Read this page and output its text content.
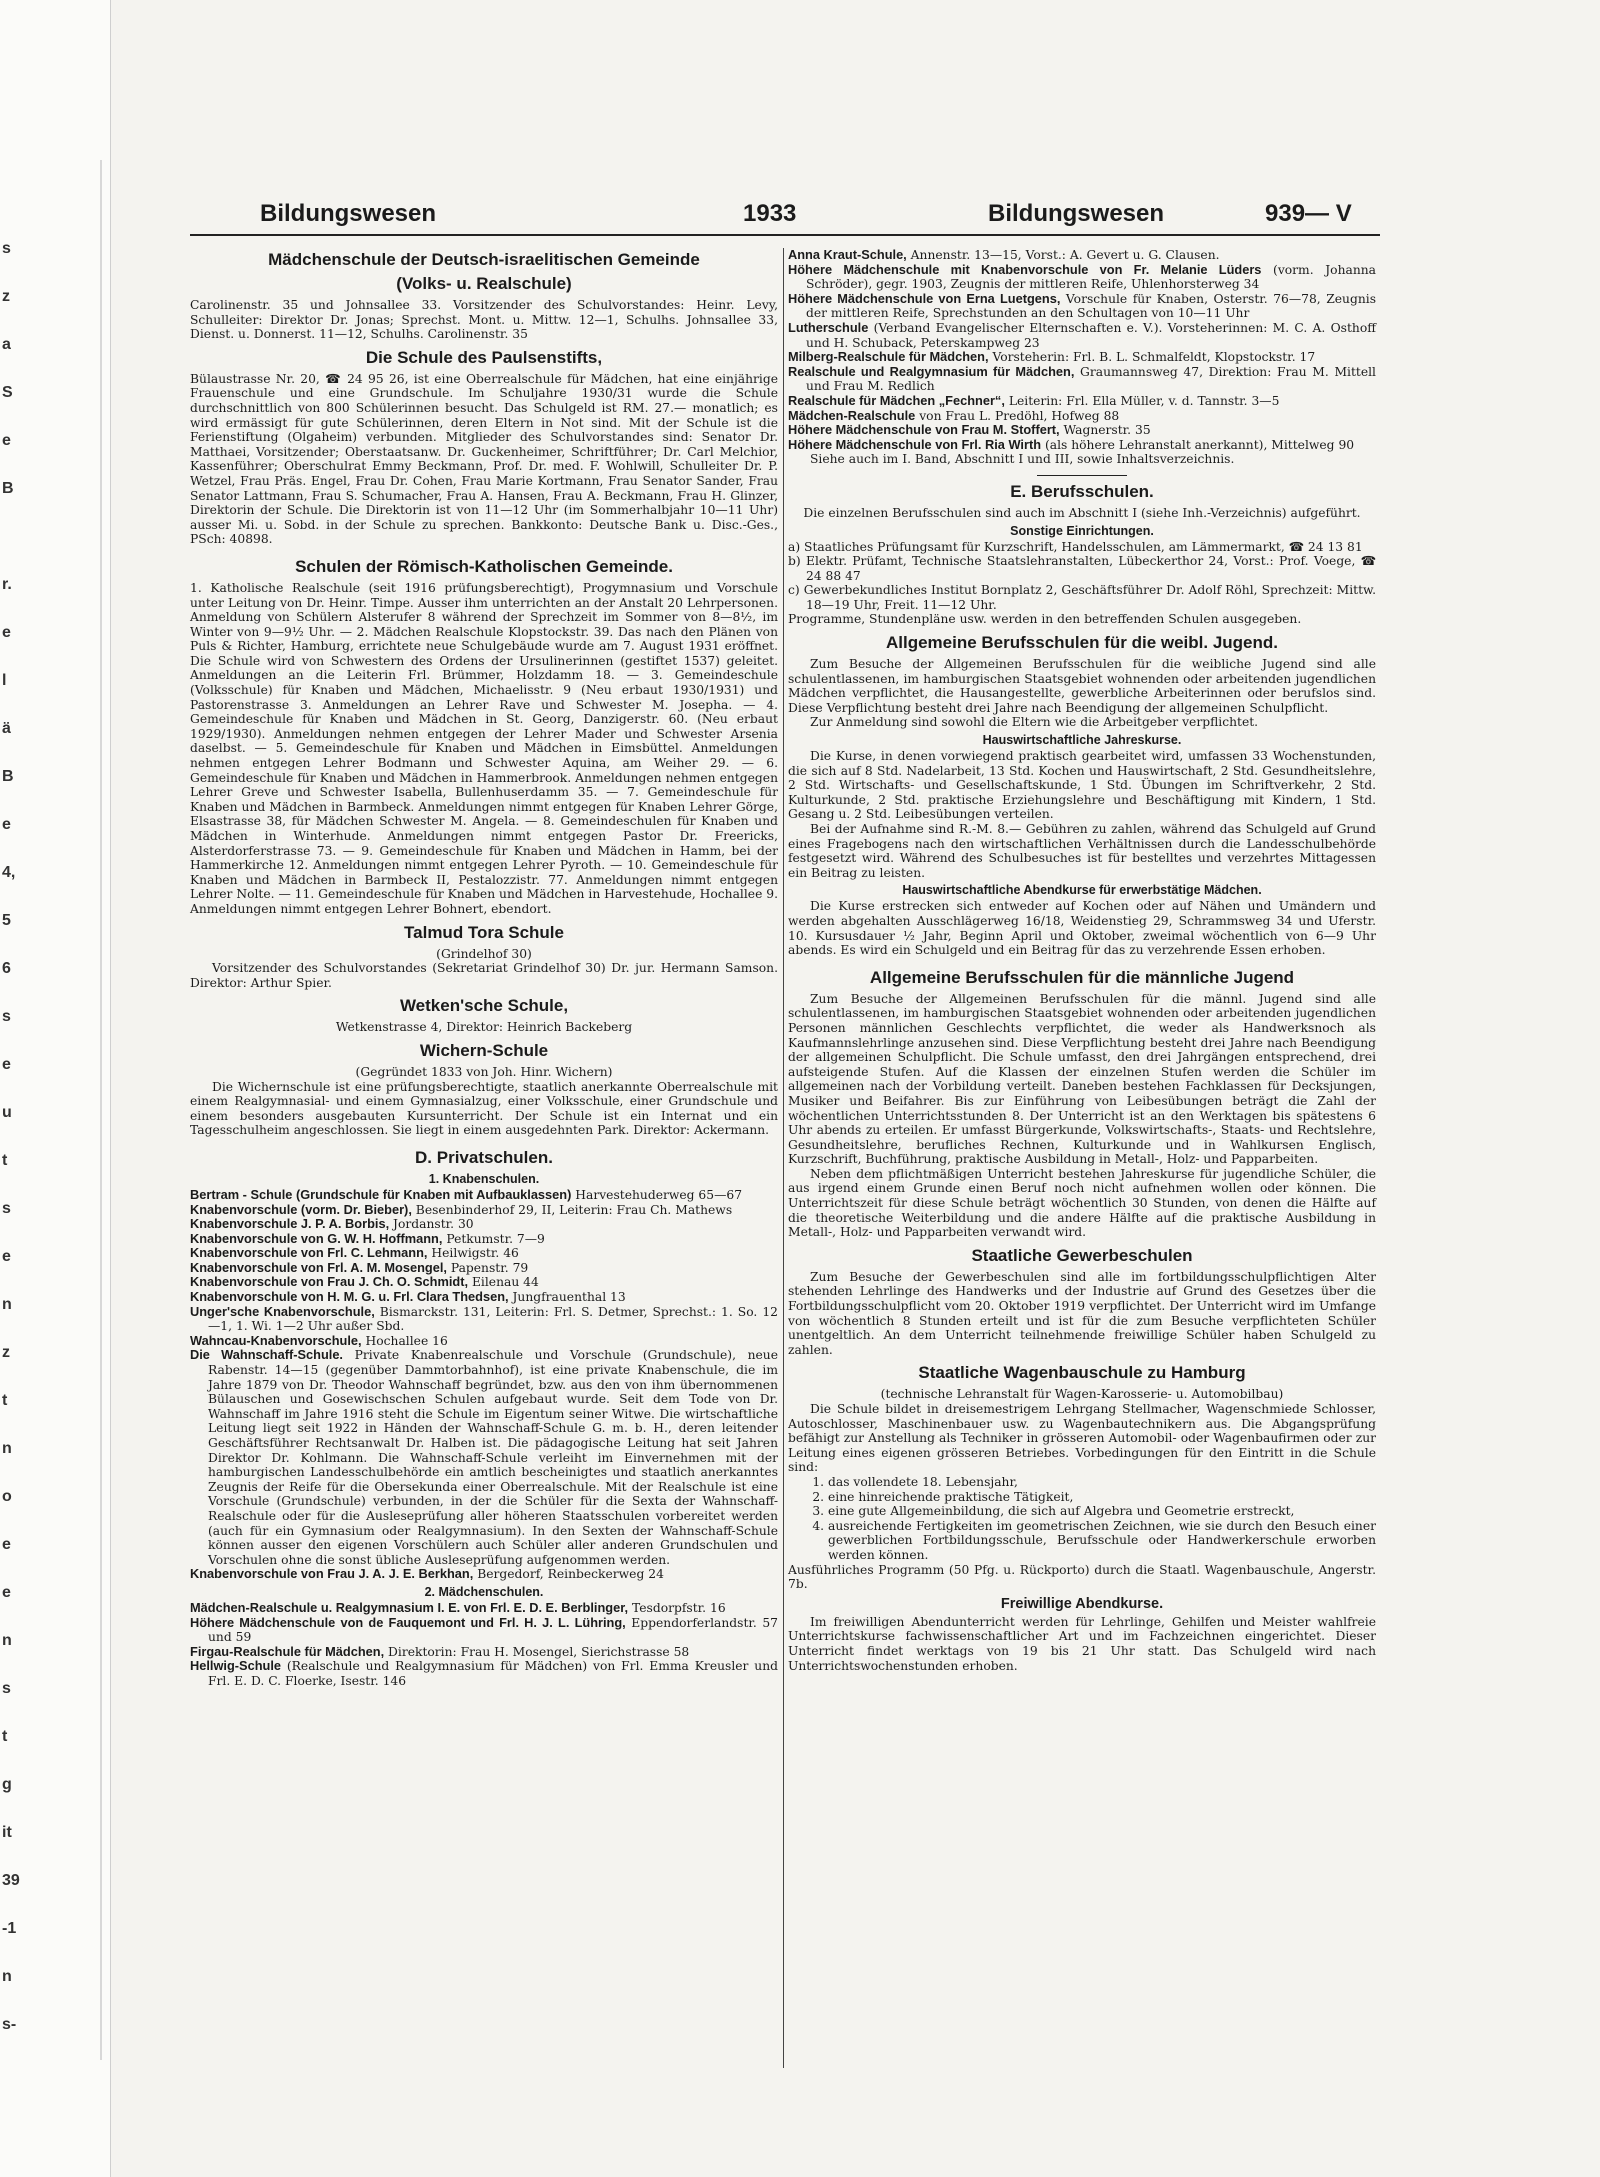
s
z
a
S
e
B
r.
e
l
ä
B
e
4,
5
6
s
e
u
t
s
e
n
z
t
n
o
e
e
n
s
t
g
it
39
-1
n
s-
Bildungswesen	1933	Bildungswesen	939— V
Mädchenschule der Deutsch-israelitischen Gemeinde
(Volks- u. Realschule)

Carolinenstr. 35 und Johnsallee 33. Vorsitzender des Schulvorstandes: Heinr. Levy, Schulleiter: Direktor Dr. Jonas; Sprechst. Mont. u. Mittw. 12—1, Schulhs. Johnsallee 33, Dienst. u. Donnerst. 11—12, Schulhs. Carolinenstr. 35

Die Schule des Paulsenstifts,

Bülaustrasse Nr. 20, ☎ 24 95 26, ist eine Oberrealschule für Mädchen, hat eine einjährige Frauenschule und eine Grundschule. Im Schuljahre 1930/31 wurde die Schule durchschnittlich von 800 Schülerinnen besucht. Das Schulgeld ist RM. 27.— monatlich; es wird ermässigt für gute Schülerinnen, deren Eltern in Not sind. Mit der Schule ist die Ferienstiftung (Olgaheim) verbunden. Mitglieder des Schulvorstandes sind: Senator Dr. Matthaei, Vorsitzender; Oberstaatsanw. Dr. Guckenheimer, Schriftführer; Dr. Carl Melchior, Kassenführer; Oberschulrat Emmy Beckmann, Prof. Dr. med. F. Wohlwill, Schulleiter Dr. P. Wetzel, Frau Präs. Engel, Frau Dr. Cohen, Frau Marie Kortmann, Frau Senator Sander, Frau Senator Lattmann, Frau S. Schumacher, Frau A. Hansen, Frau A. Beckmann, Frau H. Glinzer, Direktorin der Schule. Die Direktorin ist von 11—12 Uhr (im Sommerhalbjahr 10—11 Uhr) ausser Mi. u. Sobd. in der Schule zu sprechen. Bankkonto: Deutsche Bank u. Disc.-Ges., PSch: 40898.

Schulen der Römisch-Katholischen Gemeinde.

1. Katholische Realschule (seit 1916 prüfungsberechtigt), Progymnasium und Vorschule unter Leitung von Dr. Heinr. Timpe. Ausser ihm unterrichten an der Anstalt 20 Lehrpersonen. Anmeldung von Schülern Alsterufer 8 während der Sprechzeit im Sommer von 8—8½, im Winter von 9—9½ Uhr. — 2. Mädchen Realschule Klopstockstr. 39. Das nach den Plänen von Puls & Richter, Hamburg, errichtete neue Schulgebäude wurde am 7. August 1931 eröffnet. Die Schule wird von Schwestern des Ordens der Ursulinerinnen (gestiftet 1537) geleitet. Anmeldungen an die Leiterin Frl. Brümmer, Holzdamm 18. — 3. Gemeindeschule (Volksschule) für Knaben und Mädchen, Michaelisstr. 9 (Neu erbaut 1930/1931) und Pastorenstrasse 3. Anmeldungen an Lehrer Rave und Schwester M. Josepha. — 4. Gemeindeschule für Knaben und Mädchen in St. Georg, Danzigerstr. 60. (Neu erbaut 1929/1930). Anmeldungen nehmen entgegen der Lehrer Mader und Schwester Arsenia daselbst. — 5. Gemeindeschule für Knaben und Mädchen in Eimsbüttel. Anmeldungen nehmen entgegen Lehrer Bodmann und Schwester Aquina, am Weiher 29. — 6. Gemeindeschule für Knaben und Mädchen in Hammerbrook. Anmeldungen nehmen entgegen Lehrer Greve und Schwester Isabella, Bullenhuserdamm 35. — 7. Gemeindeschule für Knaben und Mädchen in Barmbeck. Anmeldungen nimmt entgegen für Knaben Lehrer Görge, Elsastrasse 38, für Mädchen Schwester M. Angela. — 8. Gemeindeschulen für Knaben und Mädchen in Winterhude. Anmeldungen nimmt entgegen Pastor Dr. Freericks, Alsterdorferstrasse 73. — 9. Gemeindeschule für Knaben und Mädchen in Hamm, bei der Hammerkirche 12. Anmeldungen nimmt entgegen Lehrer Pyroth. — 10. Gemeindeschule für Knaben und Mädchen in Barmbeck II, Pestalozzistr. 77. Anmeldungen nimmt entgegen Lehrer Nolte. — 11. Gemeindeschule für Knaben und Mädchen in Harvestehude, Hochallee 9. Anmeldungen nimmt entgegen Lehrer Bohnert, ebendort.

Talmud Tora Schule

(Grindelhof 30)

Vorsitzender des Schulvorstandes (Sekretariat Grindelhof 30) Dr. jur. Hermann Samson. Direktor: Arthur Spier.

Wetken'sche Schule,

Wetkenstrasse 4, Direktor: Heinrich Backeberg

Wichern-Schule

(Gegründet 1833 von Joh. Hinr. Wichern)

Die Wichernschule ist eine prüfungsberechtigte, staatlich anerkannte Oberrealschule mit einem Realgymnasial- und einem Gymnasialzug, einer Volksschule, einer Grundschule und einem besonders ausgebauten Kursunterricht. Der Schule ist ein Internat und ein Tagesschulheim angeschlossen. Sie liegt in einem ausgedehnten Park. Direktor: Ackermann.

D. Privatschulen.
1. Knabenschulen.

Bertram - Schule (Grundschule für Knaben mit Aufbauklassen) Harvestehuderweg 65—67

Knabenvorschule (vorm. Dr. Bieber), Besenbinderhof 29, II, Leiterin: Frau Ch. Mathews

Knabenvorschule J. P. A. Borbis, Jordanstr. 30

Knabenvorschule von G. W. H. Hoffmann, Petkumstr. 7—9

Knabenvorschule von Frl. C. Lehmann, Heilwigstr. 46

Knabenvorschule von Frl. A. M. Mosengel, Papenstr. 79

Knabenvorschule von Frau J. Ch. O. Schmidt, Eilenau 44

Knabenvorschule von H. M. G. u. Frl. Clara Thedsen, Jungfrauenthal 13

Unger'sche Knabenvorschule, Bismarckstr. 131, Leiterin: Frl. S. Detmer, Sprechst.: 1. So. 12—1, 1. Wi. 1—2 Uhr außer Sbd.

Wahncau-Knabenvorschule, Hochallee 16

Die Wahnschaff-Schule. Private Knabenrealschule und Vorschule (Grundschule), neue Rabenstr. 14—15 (gegenüber Dammtorbahnhof), ist eine private Knabenschule, die im Jahre 1879 von Dr. Theodor Wahnschaff begründet, bzw. aus den von ihm übernommenen Bülauschen und Gosewischschen Schulen aufgebaut wurde. Seit dem Tode von Dr. Wahnschaff im Jahre 1916 steht die Schule im Eigentum seiner Witwe. Die wirtschaftliche Leitung liegt seit 1922 in Händen der Wahnschaff-Schule G. m. b. H., deren leitender Geschäftsführer Rechtsanwalt Dr. Halben ist. Die pädagogische Leitung hat seit Jahren Direktor Dr. Kohlmann. Die Wahnschaff-Schule verleiht im Einvernehmen mit der hamburgischen Landesschulbehörde ein amtlich bescheinigtes und staatlich anerkanntes Zeugnis der Reife für die Obersekunda einer Oberrealschule. Mit der Realschule ist eine Vorschule (Grundschule) verbunden, in der die Schüler für die Sexta der Wahnschaff-Realschule oder für die Ausleseprüfung aller höheren Staatsschulen vorbereitet werden (auch für ein Gymnasium oder Realgymnasium). In den Sexten der Wahnschaff-Schule können ausser den eigenen Vorschülern auch Schüler aller anderen Grundschulen und Vorschulen ohne die sonst übliche Ausleseprüfung aufgenommen werden.

Knabenvorschule von Frau J. A. J. E. Berkhan, Bergedorf, Reinbeckerweg 24

2. Mädchenschulen.

Mädchen-Realschule u. Realgymnasium I. E. von Frl. E. D. E. Berblinger, Tesdorpfstr. 16

Höhere Mädchenschule von de Fauquemont und Frl. H. J. L. Lühring, Eppendorferlandstr. 57 und 59

Firgau-Realschule für Mädchen, Direktorin: Frau H. Mosengel, Sierichstrasse 58

Hellwig-Schule (Realschule und Realgymnasium für Mädchen) von Frl. Emma Kreusler und Frl. E. D. C. Floerke, Isestr. 146

Anna Kraut-Schule, Annenstr. 13—15, Vorst.: A. Gevert u. G. Clausen.

Höhere Mädchenschule mit Knabenvorschule von Fr. Melanie Lüders (vorm. Johanna Schröder), gegr. 1903, Zeugnis der mittleren Reife, Uhlenhorsterweg 34

Höhere Mädchenschule von Erna Luetgens, Vorschule für Knaben, Osterstr. 76—78, Zeugnis der mittleren Reife, Sprechstunden an den Schultagen von 10—11 Uhr

Lutherschule (Verband Evangelischer Elternschaften e. V.). Vorsteherinnen: M. C. A. Osthoff und H. Schuback, Peterskampweg 23

Milberg-Realschule für Mädchen, Vorsteherin: Frl. B. L. Schmalfeldt, Klopstockstr. 17

Realschule und Realgymnasium für Mädchen, Graumannsweg 47, Direktion: Frau M. Mittell und Frau M. Redlich

Realschule für Mädchen „Fechner“, Leiterin: Frl. Ella Müller, v. d. Tannstr. 3—5

Mädchen-Realschule von Frau L. Predöhl, Hofweg 88

Höhere Mädchenschule von Frau M. Stoffert, Wagnerstr. 35

Höhere Mädchenschule von Frl. Ria Wirth (als höhere Lehranstalt anerkannt), Mittelweg 90

Siehe auch im I. Band, Abschnitt I und III, sowie Inhaltsverzeichnis.

E. Berufsschulen.

Die einzelnen Berufsschulen sind auch im Abschnitt I (siehe Inh.-Verzeichnis) aufgeführt.

Sonstige Einrichtungen.

a) Staatliches Prüfungsamt für Kurzschrift, Handelsschulen, am Lämmermarkt, ☎ 24 13 81

b) Elektr. Prüfamt, Technische Staatslehranstalten, Lübeckerthor 24, Vorst.: Prof. Voege, ☎ 24 88 47

c) Gewerbekundliches Institut Bornplatz 2, Geschäftsführer Dr. Adolf Röhl, Sprechzeit: Mittw. 18—19 Uhr, Freit. 11—12 Uhr.

Programme, Stundenpläne usw. werden in den betreffenden Schulen ausgegeben.

Allgemeine Berufsschulen für die weibl. Jugend.

Zum Besuche der Allgemeinen Berufsschulen für die weibliche Jugend sind alle schulentlassenen, im hamburgischen Staatsgebiet wohnenden oder arbeitenden jugendlichen Mädchen verpflichtet, die Hausangestellte, gewerbliche Arbeiterinnen oder berufslos sind. Diese Verpflichtung besteht drei Jahre nach Beendigung der allgemeinen Schulpflicht.

Zur Anmeldung sind sowohl die Eltern wie die Arbeitgeber verpflichtet.

Hauswirtschaftliche Jahreskurse.

Die Kurse, in denen vorwiegend praktisch gearbeitet wird, umfassen 33 Wochenstunden, die sich auf 8 Std. Nadelarbeit, 13 Std. Kochen und Hauswirtschaft, 2 Std. Gesundheitslehre, 2 Std. Wirtschafts- und Gesellschaftskunde, 1 Std. Übungen im Schriftverkehr, 2 Std. Kulturkunde, 2 Std. praktische Erziehungslehre und Beschäftigung mit Kindern, 1 Std. Gesang u. 2 Std. Leibesübungen verteilen.

Bei der Aufnahme sind R.-M. 8.— Gebühren zu zahlen, während das Schulgeld auf Grund eines Fragebogens nach den wirtschaftlichen Verhältnissen durch die Landesschulbehörde festgesetzt wird. Während des Schulbesuches ist für bestelltes und verzehrtes Mittagessen ein Beitrag zu leisten.

Hauswirtschaftliche Abendkurse für erwerbstätige Mädchen.

Die Kurse erstrecken sich entweder auf Kochen oder auf Nähen und Umändern und werden abgehalten Ausschlägerweg 16/18, Weidenstieg 29, Schrammsweg 34 und Uferstr. 10. Kursusdauer ½ Jahr, Beginn April und Oktober, zweimal wöchentlich von 6—9 Uhr abends. Es wird ein Schulgeld und ein Beitrag für das zu verzehrende Essen erhoben.

Allgemeine Berufsschulen für die männliche Jugend

Zum Besuche der Allgemeinen Berufsschulen für die männl. Jugend sind alle schulentlassenen, im hamburgischen Staatsgebiet wohnenden oder arbeitenden jugendlichen Personen männlichen Geschlechts verpflichtet, die weder als Handwerksnoch als Kaufmannslehrlinge anzusehen sind. Diese Verpflichtung besteht drei Jahre nach Beendigung der allgemeinen Schulpflicht. Die Schule umfasst, den drei Jahrgängen entsprechend, drei aufsteigende Stufen. Auf die Klassen der einzelnen Stufen werden die Schüler im allgemeinen nach der Vorbildung verteilt. Daneben bestehen Fachklassen für Decksjungen, Musiker und Beifahrer. Bis zur Einführung von Leibesübungen beträgt die Zahl der wöchentlichen Unterrichtsstunden 8. Der Unterricht ist an den Werktagen bis spätestens 6 Uhr abends zu erteilen. Er umfasst Bürgerkunde, Volkswirtschafts-, Staats- und Rechtslehre, Gesundheitslehre, berufliches Rechnen, Kulturkunde und in Wahlkursen Englisch, Kurzschrift, Buchführung, praktische Ausbildung in Metall-, Holz- und Papparbeiten.

Neben dem pflichtmäßigen Unterricht bestehen Jahreskurse für jugendliche Schüler, die aus irgend einem Grunde einen Beruf noch nicht aufnehmen wollen oder können. Die Unterrichtszeit für diese Schule beträgt wöchentlich 30 Stunden, von denen die Hälfte auf die theoretische Weiterbildung und die andere Hälfte auf die praktische Ausbildung in Metall-, Holz- und Papparbeiten verwandt wird.

Staatliche Gewerbeschulen

Zum Besuche der Gewerbeschulen sind alle im fortbildungsschulpflichtigen Alter stehenden Lehrlinge des Handwerks und der Industrie auf Grund des Gesetzes über die Fortbildungsschulpflicht vom 20. Oktober 1919 verpflichtet. Der Unterricht wird im Umfange von wöchentlich 8 Stunden erteilt und ist für die zum Besuche verpflichteten Schüler unentgeltlich. An dem Unterricht teilnehmende freiwillige Schüler haben Schulgeld zu zahlen.

Staatliche Wagenbauschule zu Hamburg

(technische Lehranstalt für Wagen-Karosserie- u. Automobilbau)

Die Schule bildet in dreisemestrigem Lehrgang Stellmacher, Wagenschmiede Schlosser, Autoschlosser, Maschinenbauer usw. zu Wagenbautechnikern aus. Die Abgangsprüfung befähigt zur Anstellung als Techniker in grösseren Automobil- oder Wagenbaufirmen oder zur Leitung eines eigenen grösseren Betriebes. Vorbedingungen für den Eintritt in die Schule sind:

1. das vollendete 18. Lebensjahr,
2. eine hinreichende praktische Tätigkeit,
3. eine gute Allgemeinbildung, die sich auf Algebra und Geometrie erstreckt,
4. ausreichende Fertigkeiten im geometrischen Zeichnen, wie sie durch den Besuch einer gewerblichen Fortbildungsschule, Berufsschule oder Handwerkerschule erworben werden können.

Ausführliches Programm (50 Pfg. u. Rückporto) durch die Staatl. Wagenbauschule, Angerstr. 7b.

Freiwillige Abendkurse.

Im freiwilligen Abendunterricht werden für Lehrlinge, Gehilfen und Meister wahlfreie Unterrichtskurse fachwissenschaftlicher Art und im Fachzeichnen eingerichtet. Dieser Unterricht findet werktags von 19 bis 21 Uhr statt. Das Schulgeld wird nach Unterrichtswochenstunden erhoben.
